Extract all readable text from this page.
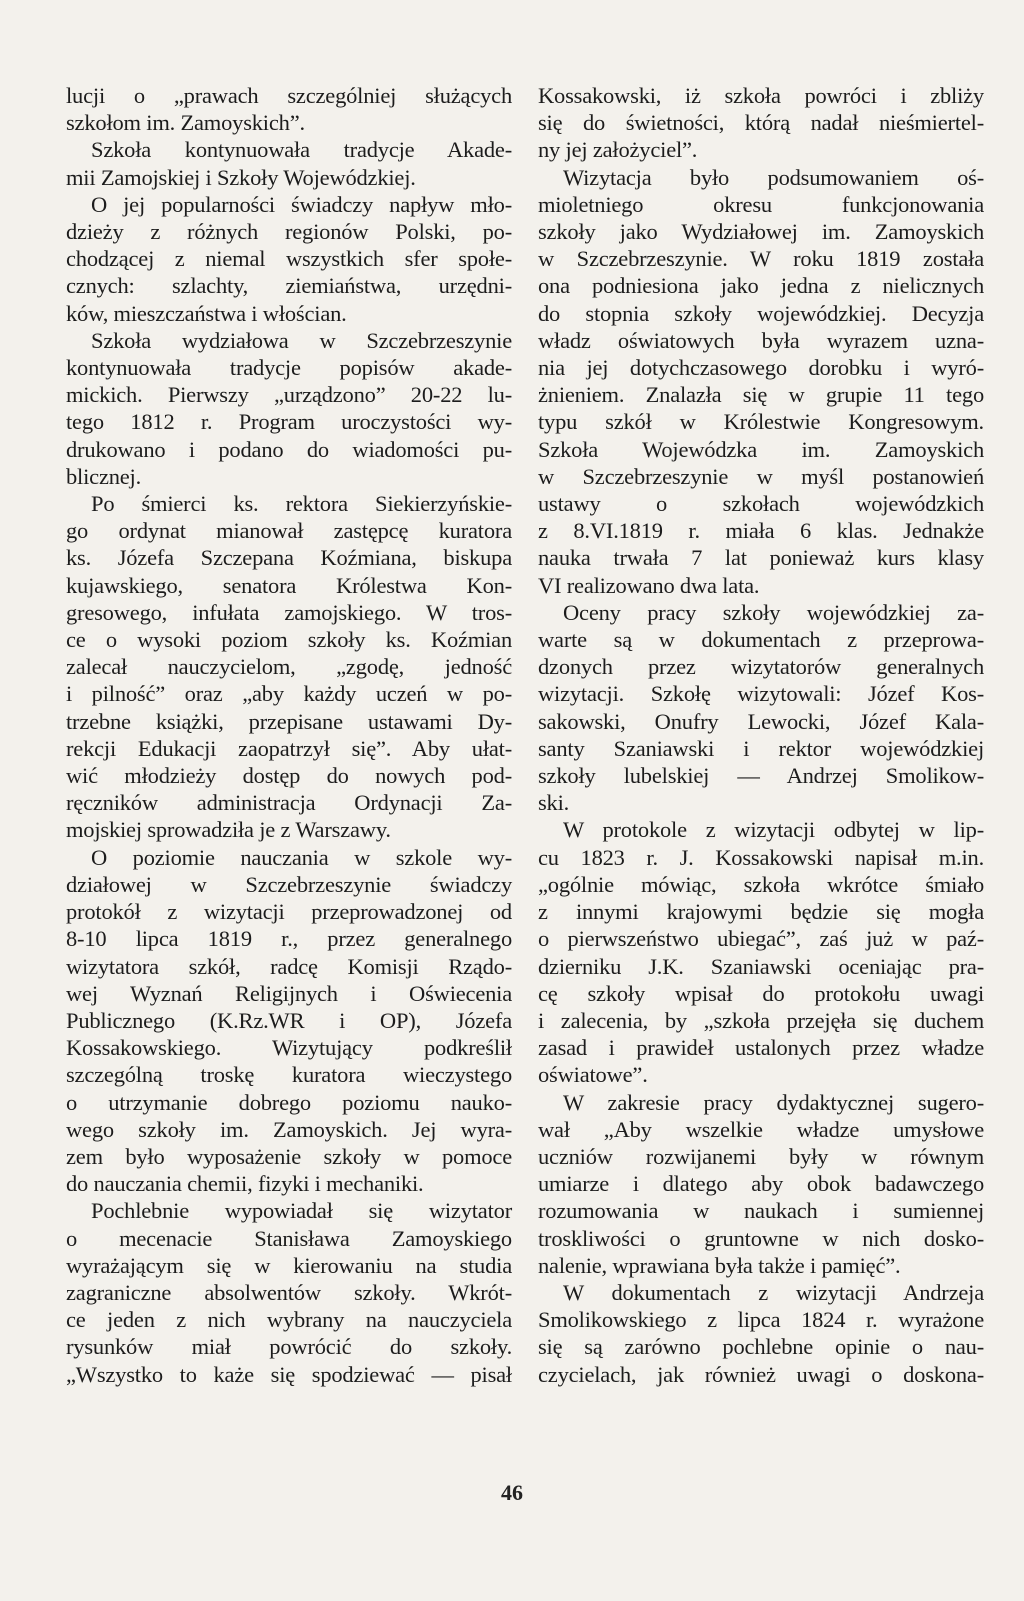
lucji o „prawach szczególniej służących
szkołom im. Zamoyskich”.
Szkoła kontynuowała tradycje Akade-
mii Zamojskiej i Szkoły Wojewódzkiej.
O jej popularności świadczy napływ mło-
dzieży z różnych regionów Polski, po-
chodzącej z niemal wszystkich sfer społe-
cznych: szlachty, ziemiaństwa, urzędni-
ków, mieszczaństwa i włościan.
Szkoła wydziałowa w Szczebrzeszynie
kontynuowała tradycje popisów akade-
mickich. Pierwszy „urządzono” 20-22 lu-
tego 1812 r. Program uroczystości wy-
drukowano i podano do wiadomości pu-
blicznej.
Po śmierci ks. rektora Siekierzyńskie-
go ordynat mianował zastępcę kuratora
ks. Józefa Szczepana Koźmiana, biskupa
kujawskiego, senatora Królestwa Kon-
gresowego, infułata zamojskiego. W tros-
ce o wysoki poziom szkoły ks. Koźmian
zalecał nauczycielom, „zgodę, jedność
i pilność” oraz „aby każdy uczeń w po-
trzebne książki, przepisane ustawami Dy-
rekcji Edukacji zaopatrzył się”. Aby ułat-
wić młodzieży dostęp do nowych pod-
ręczników administracja Ordynacji Za-
mojskiej sprowadziła je z Warszawy.
O poziomie nauczania w szkole wy-
działowej w Szczebrzeszynie świadczy
protokół z wizytacji przeprowadzonej od
8-10 lipca 1819 r., przez generalnego
wizytatora szkół, radcę Komisji Rządo-
wej Wyznań Religijnych i Oświecenia
Publicznego (K.Rz.WR i OP), Józefa
Kossakowskiego. Wizytujący podkreślił
szczególną troskę kuratora wieczystego
o utrzymanie dobrego poziomu nauko-
wego szkoły im. Zamoyskich. Jej wyra-
zem było wyposażenie szkoły w pomoce
do nauczania chemii, fizyki i mechaniki.
Pochlebnie wypowiadał się wizytator
o mecenacie Stanisława Zamoyskiego
wyrażającym się w kierowaniu na studia
zagraniczne absolwentów szkoły. Wkrót-
ce jeden z nich wybrany na nauczyciela
rysunków miał powrócić do szkoły.
„Wszystko to każe się spodziewać — pisał
Kossakowski, iż szkoła powróci i zbliży
się do świetności, którą nadał nieśmiertel-
ny jej założyciel”.
Wizytacja było podsumowaniem oś-
mioletniego okresu funkcjonowania
szkoły jako Wydziałowej im. Zamoyskich
w Szczebrzeszynie. W roku 1819 została
ona podniesiona jako jedna z nielicznych
do stopnia szkoły wojewódzkiej. Decyzja
władz oświatowych była wyrazem uzna-
nia jej dotychczasowego dorobku i wyró-
żnieniem. Znalazła się w grupie 11 tego
typu szkół w Królestwie Kongresowym.
Szkoła Wojewódzka im. Zamoyskich
w Szczebrzeszynie w myśl postanowień
ustawy o szkołach wojewódzkich
z 8.VI.1819 r. miała 6 klas. Jednakże
nauka trwała 7 lat ponieważ kurs klasy
VI realizowano dwa lata.
Oceny pracy szkoły wojewódzkiej za-
warte są w dokumentach z przeprowa-
dzonych przez wizytatorów generalnych
wizytacji. Szkołę wizytowali: Józef Kos-
sakowski, Onufry Lewocki, Józef Kala-
santy Szaniawski i rektor wojewódzkiej
szkoły lubelskiej — Andrzej Smolikow-
ski.
W protokole z wizytacji odbytej w lip-
cu 1823 r. J. Kossakowski napisał m.in.
„ogólnie mówiąc, szkoła wkrótce śmiało
z innymi krajowymi będzie się mogła
o pierwszeństwo ubiegać”, zaś już w paź-
dzierniku J.K. Szaniawski oceniając pra-
cę szkoły wpisał do protokołu uwagi
i zalecenia, by „szkoła przejęła się duchem
zasad i prawideł ustalonych przez władze
oświatowe”.
W zakresie pracy dydaktycznej sugero-
wał „Aby wszelkie władze umysłowe
uczniów rozwijanemi były w równym
umiarze i dlatego aby obok badawczego
rozumowania w naukach i sumiennej
troskliwości o gruntowne w nich dosko-
nalenie, wprawiana była także i pamięć”.
W dokumentach z wizytacji Andrzeja
Smolikowskiego z lipca 1824 r. wyrażone
się są zarówno pochlebne opinie o nau-
czycielach, jak również uwagi o doskona-
46
